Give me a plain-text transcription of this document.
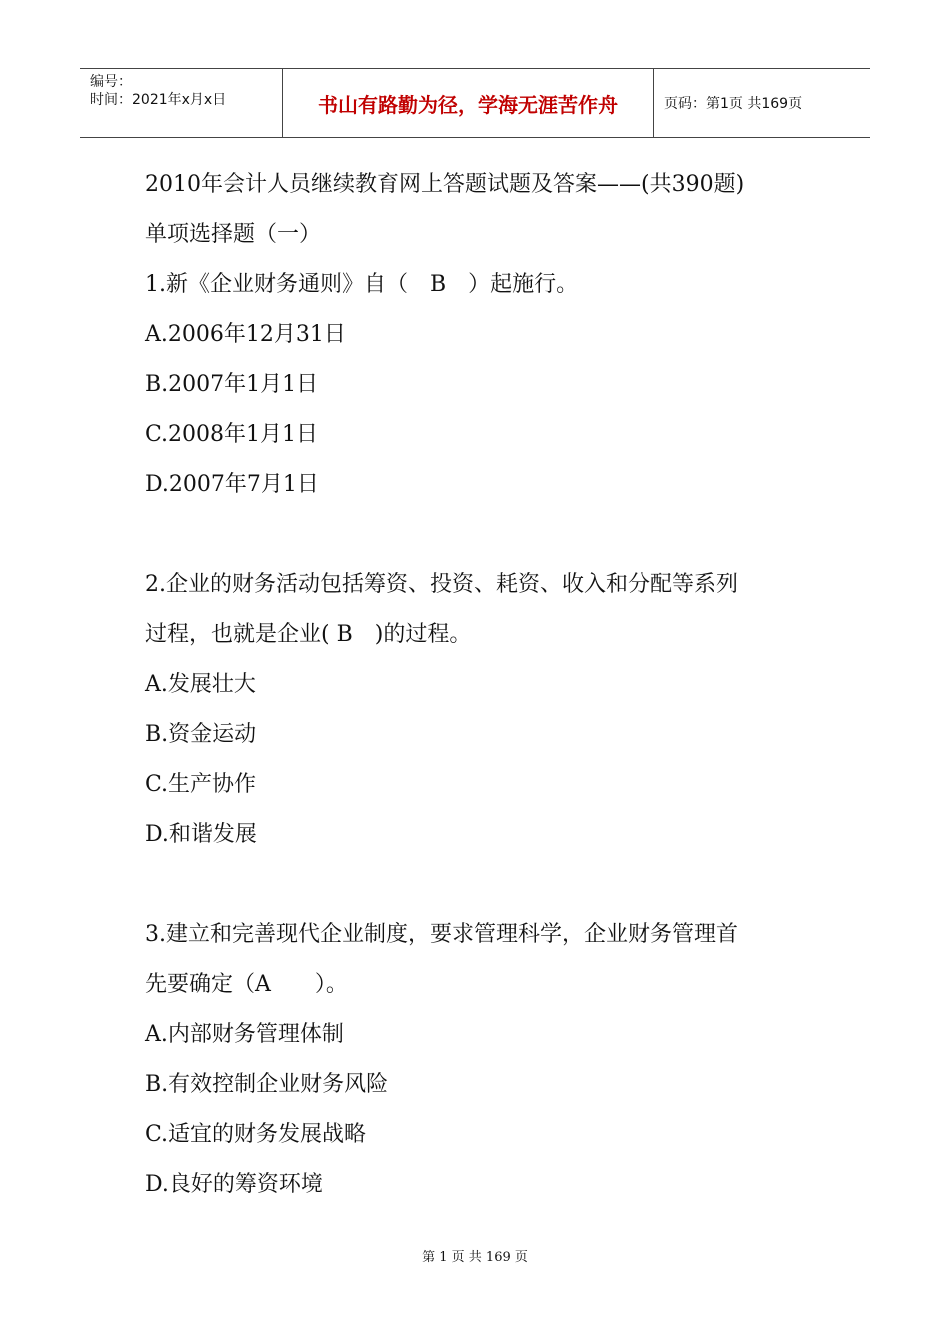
编号：
时间：2021年x月x日	书山有路勤为径，学海无涯苦作舟	页码：第1页 共169页
2010年会计人员继续教育网上答题试题及答案——(共390题)
单项选择题（一）
1.新《企业财务通则》自（　B　）起施行。
A.2006年12月31日
B.2007年1月1日
C.2008年1月1日
D.2007年7月1日
2.企业的财务活动包括筹资、投资、耗资、收入和分配等系列
过程，也就是企业( B　)的过程。
A.发展壮大
B.资金运动
C.生产协作
D.和谐发展
3.建立和完善现代企业制度，要求管理科学，企业财务管理首
先要确定（A　　）。
A.内部财务管理体制
B.有效控制企业财务风险
C.适宜的财务发展战略
D.良好的筹资环境
第 1 页 共 169 页
